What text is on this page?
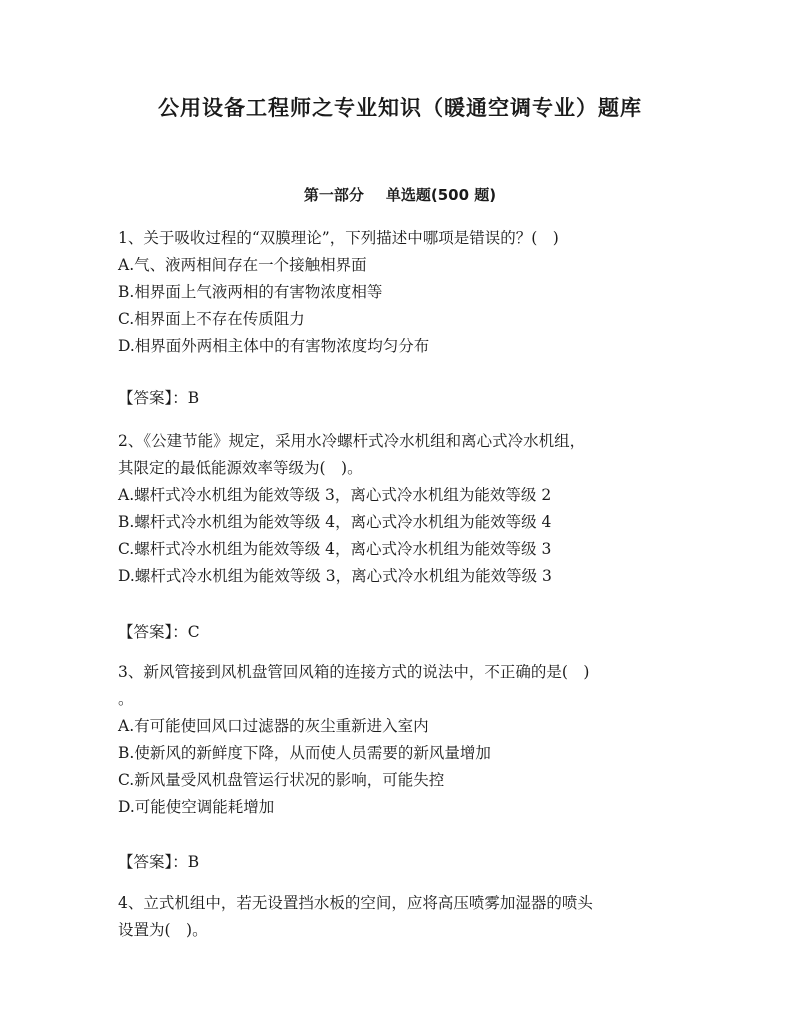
公用设备工程师之专业知识（暖通空调专业）题库
第一部分 单选题(500 题)
1、关于吸收过程的“双膜理论”，下列描述中哪项是错误的？(　)
A.气、液两相间存在一个接触相界面
B.相界面上气液两相的有害物浓度相等
C.相界面上不存在传质阻力
D.相界面外两相主体中的有害物浓度均匀分布
【答案】：B
2、《公建节能》规定，采用水冷螺杆式冷水机组和离心式冷水机组，
其限定的最低能源效率等级为(　)。
A.螺杆式冷水机组为能效等级 3，离心式冷水机组为能效等级 2
B.螺杆式冷水机组为能效等级 4，离心式冷水机组为能效等级 4
C.螺杆式冷水机组为能效等级 4，离心式冷水机组为能效等级 3
D.螺杆式冷水机组为能效等级 3，离心式冷水机组为能效等级 3
【答案】：C
3、新风管接到风机盘管回风箱的连接方式的说法中，不正确的是(　)
。
A.有可能使回风口过滤器的灰尘重新进入室内
B.使新风的新鲜度下降，从而使人员需要的新风量增加
C.新风量受风机盘管运行状况的影响，可能失控
D.可能使空调能耗增加
【答案】：B
4、立式机组中，若无设置挡水板的空间，应将高压喷雾加湿器的喷头
设置为(　)。
